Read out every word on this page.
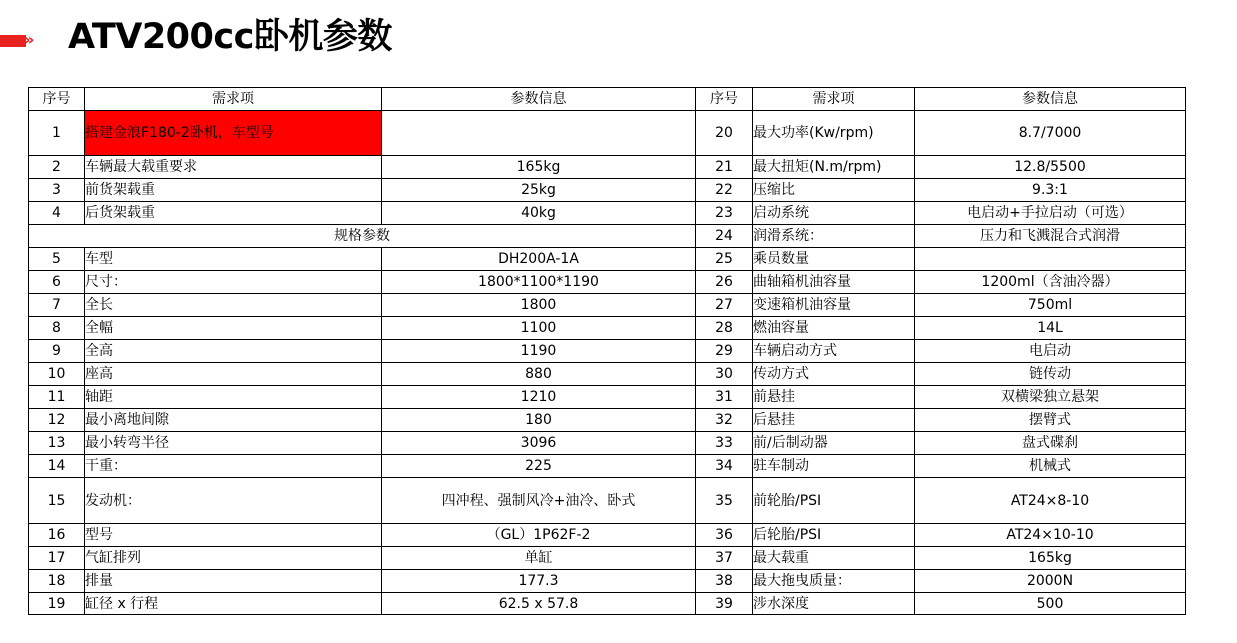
» ATV200cc卧机参数
序号	需求项	参数信息	序号	需求项	参数信息
1	搭建金浪F180-2卧机，车型号		20	最大功率(Kw/rpm)	8.7/7000
2	车辆最大载重要求	165kg	21	最大扭矩(N.m/rpm)	12.8/5500
3	前货架载重	25kg	22	压缩比	9.3:1
4	后货架载重	40kg	23	启动系统	电启动+手拉启动（可选）
规格参数			24	润滑系统：	压力和飞溅混合式润滑
5	车型	DH200A-1A	25	乘员数量	
6	尺寸：	1800*1100*1190	26	曲轴箱机油容量	1200ml（含油冷器）
7	全长	1800	27	变速箱机油容量	750ml
8	全幅	1100	28	燃油容量	14L
9	全高	1190	29	车辆启动方式	电启动
10	座高	880	30	传动方式	链传动
11	轴距	1210	31	前悬挂	双横梁独立悬架
12	最小离地间隙	180	32	后悬挂	摆臂式
13	最小转弯半径	3096	33	前/后制动器	盘式碟刹
14	干重：	225	34	驻车制动	机械式
15	发动机：	四冲程、强制风冷+油冷、卧式	35	前轮胎/PSI	AT24×8-10
16	型号	（GL）1P62F-2	36	后轮胎/PSI	AT24×10-10
17	气缸排列	单缸	37	最大载重	165kg
18	排量	177.3	38	最大拖曳质量：	2000N
19	缸径 x 行程	62.5 x 57.8	39	涉水深度	500
